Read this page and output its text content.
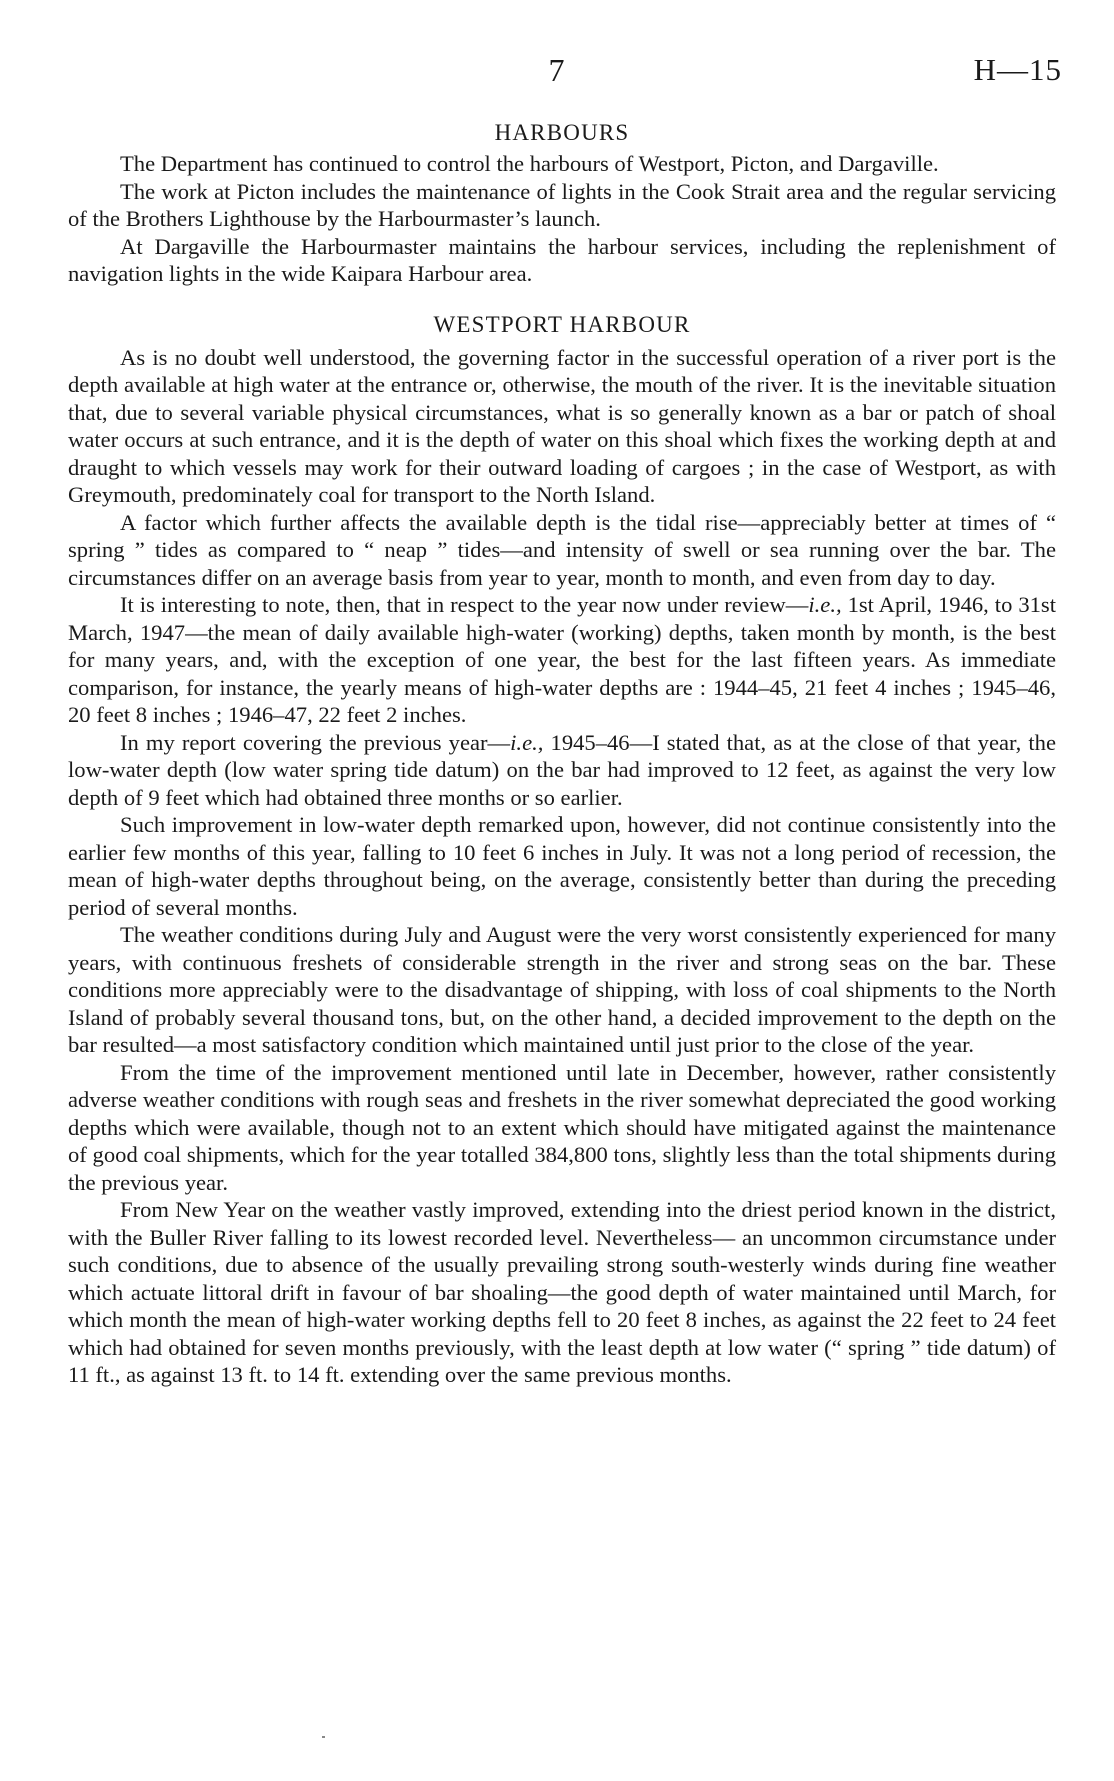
7	H—15
HARBOURS

The Department has continued to control the harbours of Westport, Picton, and Dargaville.

The work at Picton includes the maintenance of lights in the Cook Strait area and the regular servicing of the Brothers Lighthouse by the Harbourmaster’s launch.

At Dargaville the Harbourmaster maintains the harbour services, including the replenishment of navigation lights in the wide Kaipara Harbour area.

WESTPORT HARBOUR

As is no doubt well understood, the governing factor in the successful operation of a river port is the depth available at high water at the entrance or, otherwise, the mouth of the river. It is the inevitable situation that, due to several variable physical circumstances, what is so generally known as a bar or patch of shoal water occurs at such entrance, and it is the depth of water on this shoal which fixes the working depth at and draught to which vessels may work for their outward loading of cargoes ; in the case of Westport, as with Greymouth, predominately coal for transport to the North Island.

A factor which further affects the available depth is the tidal rise—appreciably better at times of “ spring ” tides as compared to “ neap ” tides—and intensity of swell or sea running over the bar. The circumstances differ on an average basis from year to year, month to month, and even from day to day.

It is interesting to note, then, that in respect to the year now under review—i.e., 1st April, 1946, to 31st March, 1947—the mean of daily available high-water (working) depths, taken month by month, is the best for many years, and, with the exception of one year, the best for the last fifteen years. As immediate comparison, for instance, the yearly means of high-water depths are : 1944–45, 21 feet 4 inches ; 1945–46, 20 feet 8 inches ; 1946–47, 22 feet 2 inches.

In my report covering the previous year—i.e., 1945–46—I stated that, as at the close of that year, the low-water depth (low water spring tide datum) on the bar had improved to 12 feet, as against the very low depth of 9 feet which had obtained three months or so earlier.

Such improvement in low-water depth remarked upon, however, did not continue consistently into the earlier few months of this year, falling to 10 feet 6 inches in July. It was not a long period of recession, the mean of high-water depths throughout being, on the average, consistently better than during the preceding period of several months.

The weather conditions during July and August were the very worst consistently experienced for many years, with continuous freshets of considerable strength in the river and strong seas on the bar. These conditions more appreciably were to the disadvantage of shipping, with loss of coal shipments to the North Island of probably several thousand tons, but, on the other hand, a decided improvement to the depth on the bar resulted—a most satisfactory condition which maintained until just prior to the close of the year.

From the time of the improvement mentioned until late in December, however, rather consistently adverse weather conditions with rough seas and freshets in the river somewhat depreciated the good working depths which were available, though not to an extent which should have mitigated against the maintenance of good coal shipments, which for the year totalled 384,800 tons, slightly less than the total shipments during the previous year.

From New Year on the weather vastly improved, extending into the driest period known in the district, with the Buller River falling to its lowest recorded level. Nevertheless— an uncommon circumstance under such conditions, due to absence of the usually prevailing strong south-westerly winds during fine weather which actuate littoral drift in favour of bar shoaling—the good depth of water maintained until March, for which month the mean of high-water working depths fell to 20 feet 8 inches, as against the 22 feet to 24 feet which had obtained for seven months previously, with the least depth at low water (“ spring ” tide datum) of 11 ft., as against 13 ft. to 14 ft. extending over the same previous months.
